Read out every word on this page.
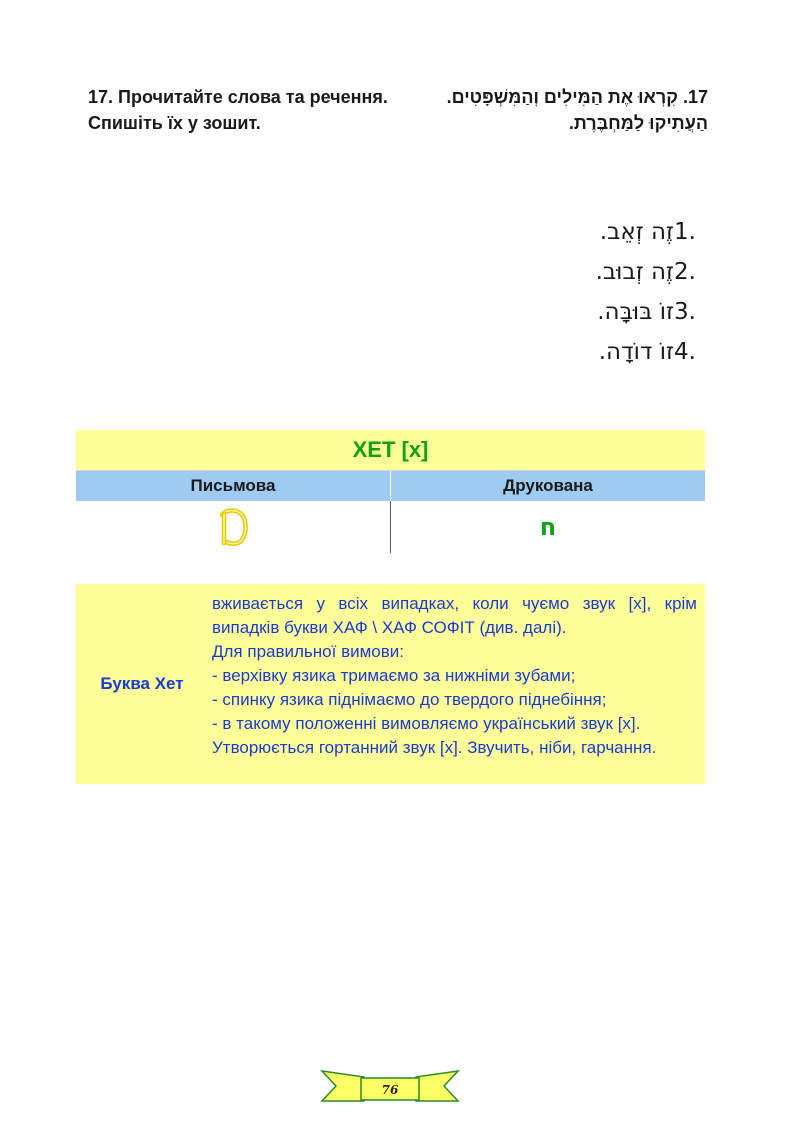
17. Прочитайте слова та речення. Спишіть їх у зошит.
17. קִרְאוּ אֶת הַמִּילִים וְהַמִּשְׁפָּטִים. הַעֲתִיקוּ לַמַּחְבֶּרֶת.
1.זֶה זְאֵב.
2.זֶה זְבוּב.
3.זוֹ בּוּבָּה.
4.זוֹ דוֹדָה.
ХЕТ [х]
Письмова	Друкована
ח
Буква Хет

вживається у всіх випадках, коли чуємо звук [х], крім випадків букви ХАФ \ ХАФ СОФІТ (див. далі).

Для правильної вимови:

- верхівку язика тримаємо за нижніми зубами;

- спинку язика піднімаємо до твердого піднебіння;

- в такому положенні вимовляємо український звук [х].

Утворюється гортанний звук [х]. Звучить, ніби, гарчання.

76
